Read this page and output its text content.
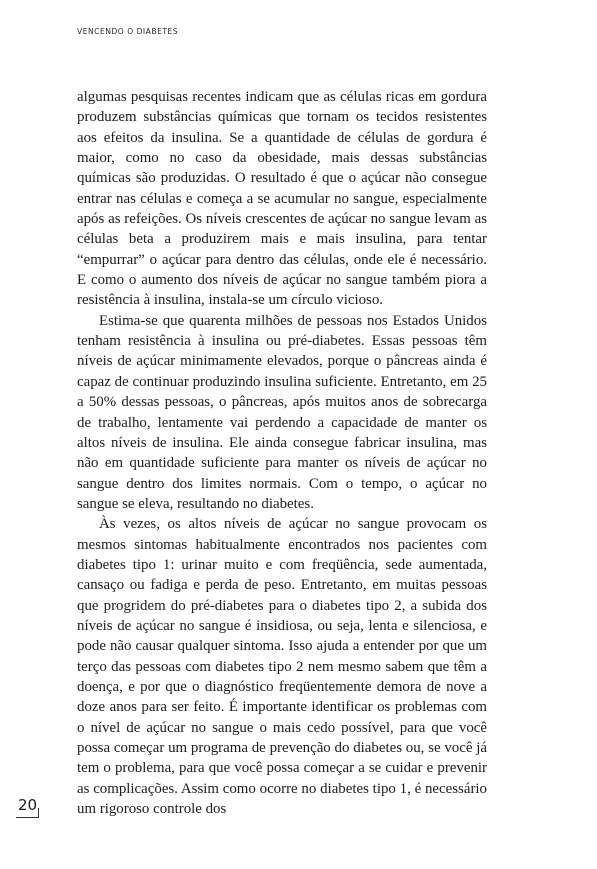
VENCENDO O DIABETES

algumas pesquisas recentes indicam que as células ricas em gordura produzem substâncias químicas que tornam os tecidos resistentes aos efeitos da insulina. Se a quantidade de células de gordura é maior, como no caso da obesidade, mais dessas substâncias químicas são produzidas. O resultado é que o açúcar não consegue entrar nas células e começa a se acumular no sangue, especialmente após as refeições. Os níveis crescentes de açúcar no sangue levam as células beta a produzirem mais e mais insulina, para tentar “empurrar” o açúcar para dentro das células, onde ele é necessário. E como o aumento dos níveis de açúcar no sangue também piora a resistência à insulina, instala-se um círculo vicioso.

Estima-se que quarenta milhões de pessoas nos Estados Unidos tenham resistência à insulina ou pré-diabetes. Essas pessoas têm níveis de açúcar minimamente elevados, porque o pâncreas ainda é capaz de continuar produzindo insulina suficiente. Entretanto, em 25 a 50% dessas pessoas, o pâncreas, após muitos anos de sobrecarga de trabalho, lentamente vai perdendo a capacidade de manter os altos níveis de insulina. Ele ainda consegue fabricar insulina, mas não em quantidade suficiente para manter os níveis de açúcar no sangue dentro dos limites normais. Com o tempo, o açúcar no sangue se eleva, resultando no diabetes.

Às vezes, os altos níveis de açúcar no sangue provocam os mesmos sintomas habitualmente encontrados nos pacientes com diabetes tipo 1: urinar muito e com freqüência, sede aumentada, cansaço ou fadiga e perda de peso. Entretanto, em muitas pessoas que progridem do pré-diabetes para o diabetes tipo 2, a subida dos níveis de açúcar no sangue é insidiosa, ou seja, lenta e silenciosa, e pode não causar qualquer sintoma. Isso ajuda a entender por que um terço das pessoas com diabetes tipo 2 nem mesmo sabem que têm a doença, e por que o diagnóstico freqüentemente demora de nove a doze anos para ser feito. É importante identificar os problemas com o nível de açúcar no sangue o mais cedo possível, para que você possa começar um programa de prevenção do diabetes ou, se você já tem o problema, para que você possa começar a se cuidar e prevenir as complicações. Assim como ocorre no diabetes tipo 1, é necessário um rigoroso controle dos

20
